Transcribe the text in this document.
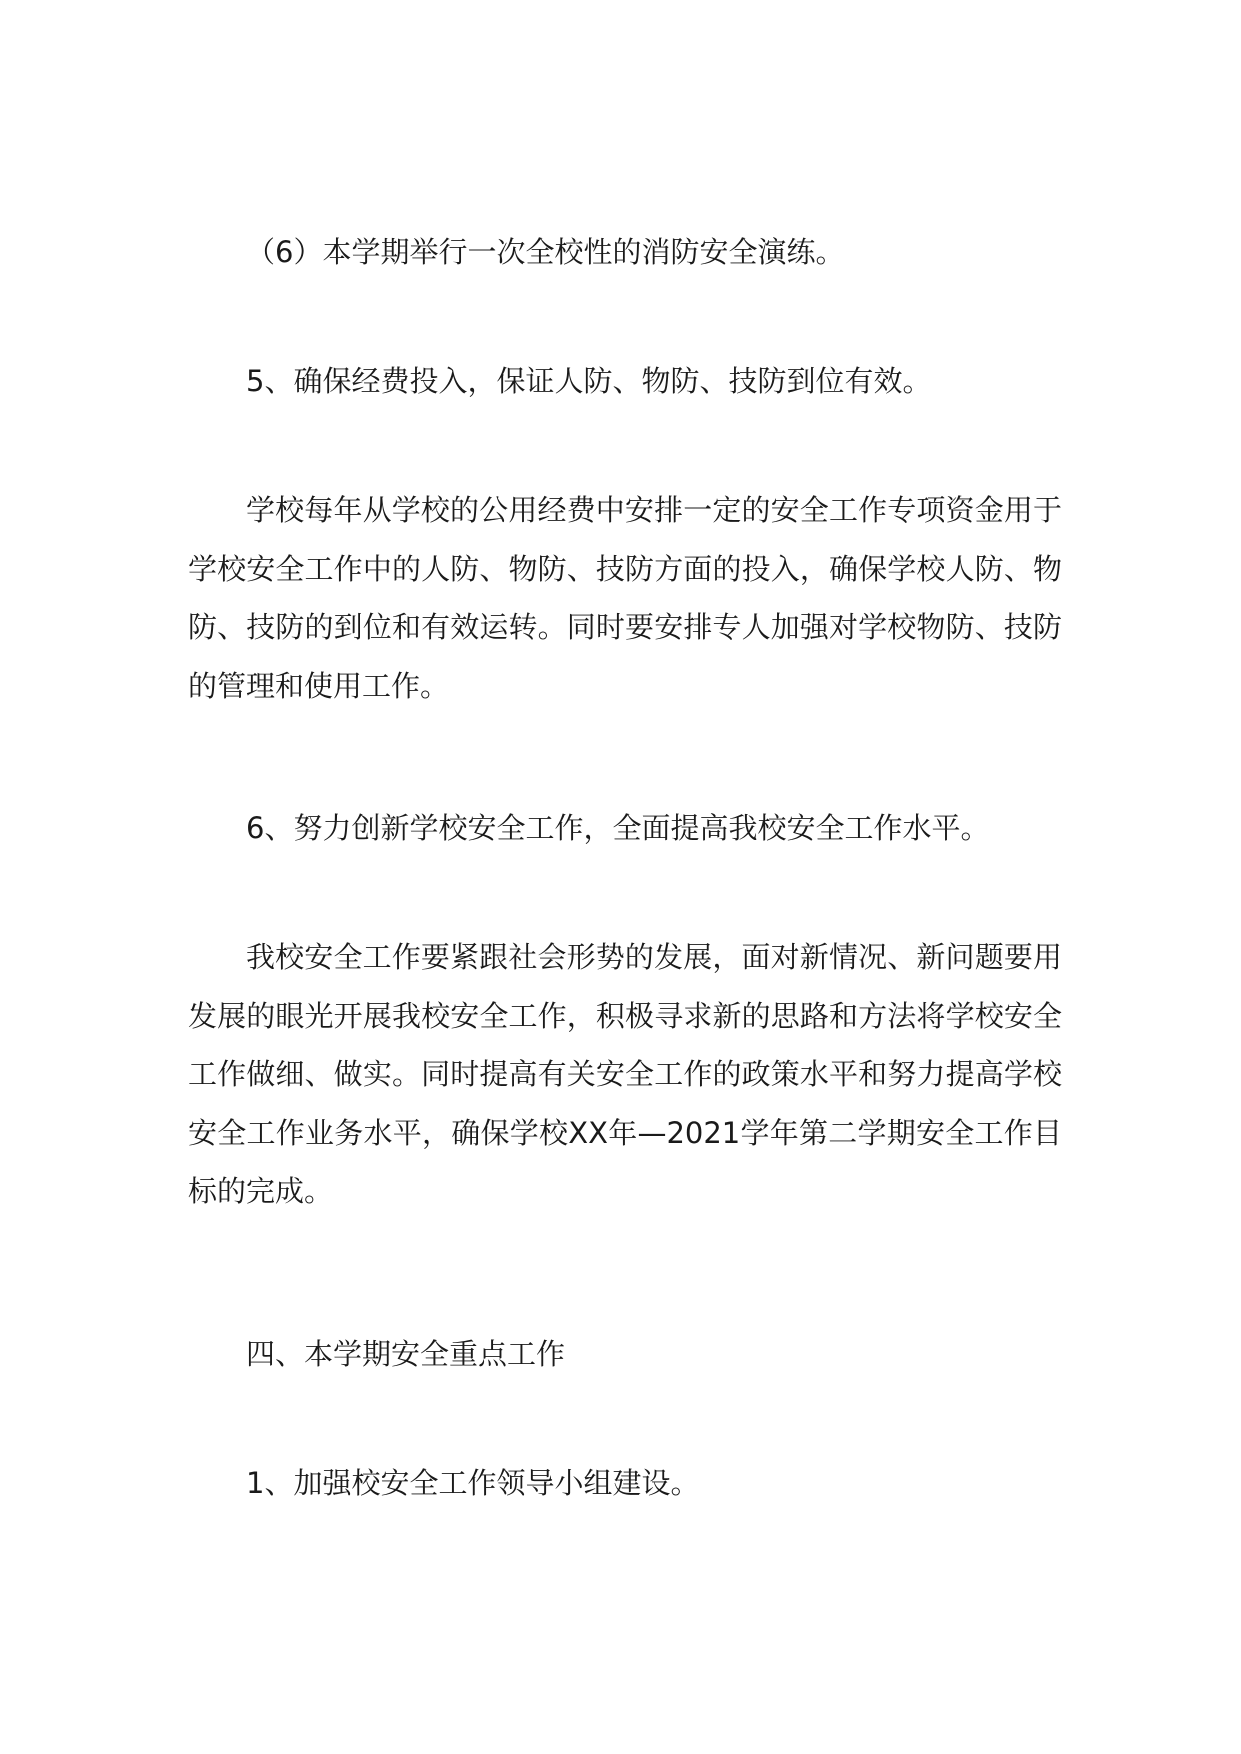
（6）本学期举行一次全校性的消防安全演练。

5、确保经费投入，保证人防、物防、技防到位有效。

学校每年从学校的公用经费中安排一定的安全工作专项资金用于学校安全工作中的人防、物防、技防方面的投入，确保学校人防、物防、技防的到位和有效运转。同时要安排专人加强对学校物防、技防的管理和使用工作。

6、努力创新学校安全工作，全面提高我校安全工作水平。

我校安全工作要紧跟社会形势的发展，面对新情况、新问题要用发展的眼光开展我校安全工作，积极寻求新的思路和方法将学校安全工作做细、做实。同时提高有关安全工作的政策水平和努力提高学校安全工作业务水平，确保学校XX年—2021学年第二学期安全工作目标的完成。

四、本学期安全重点工作

1、加强校安全工作领导小组建设。
